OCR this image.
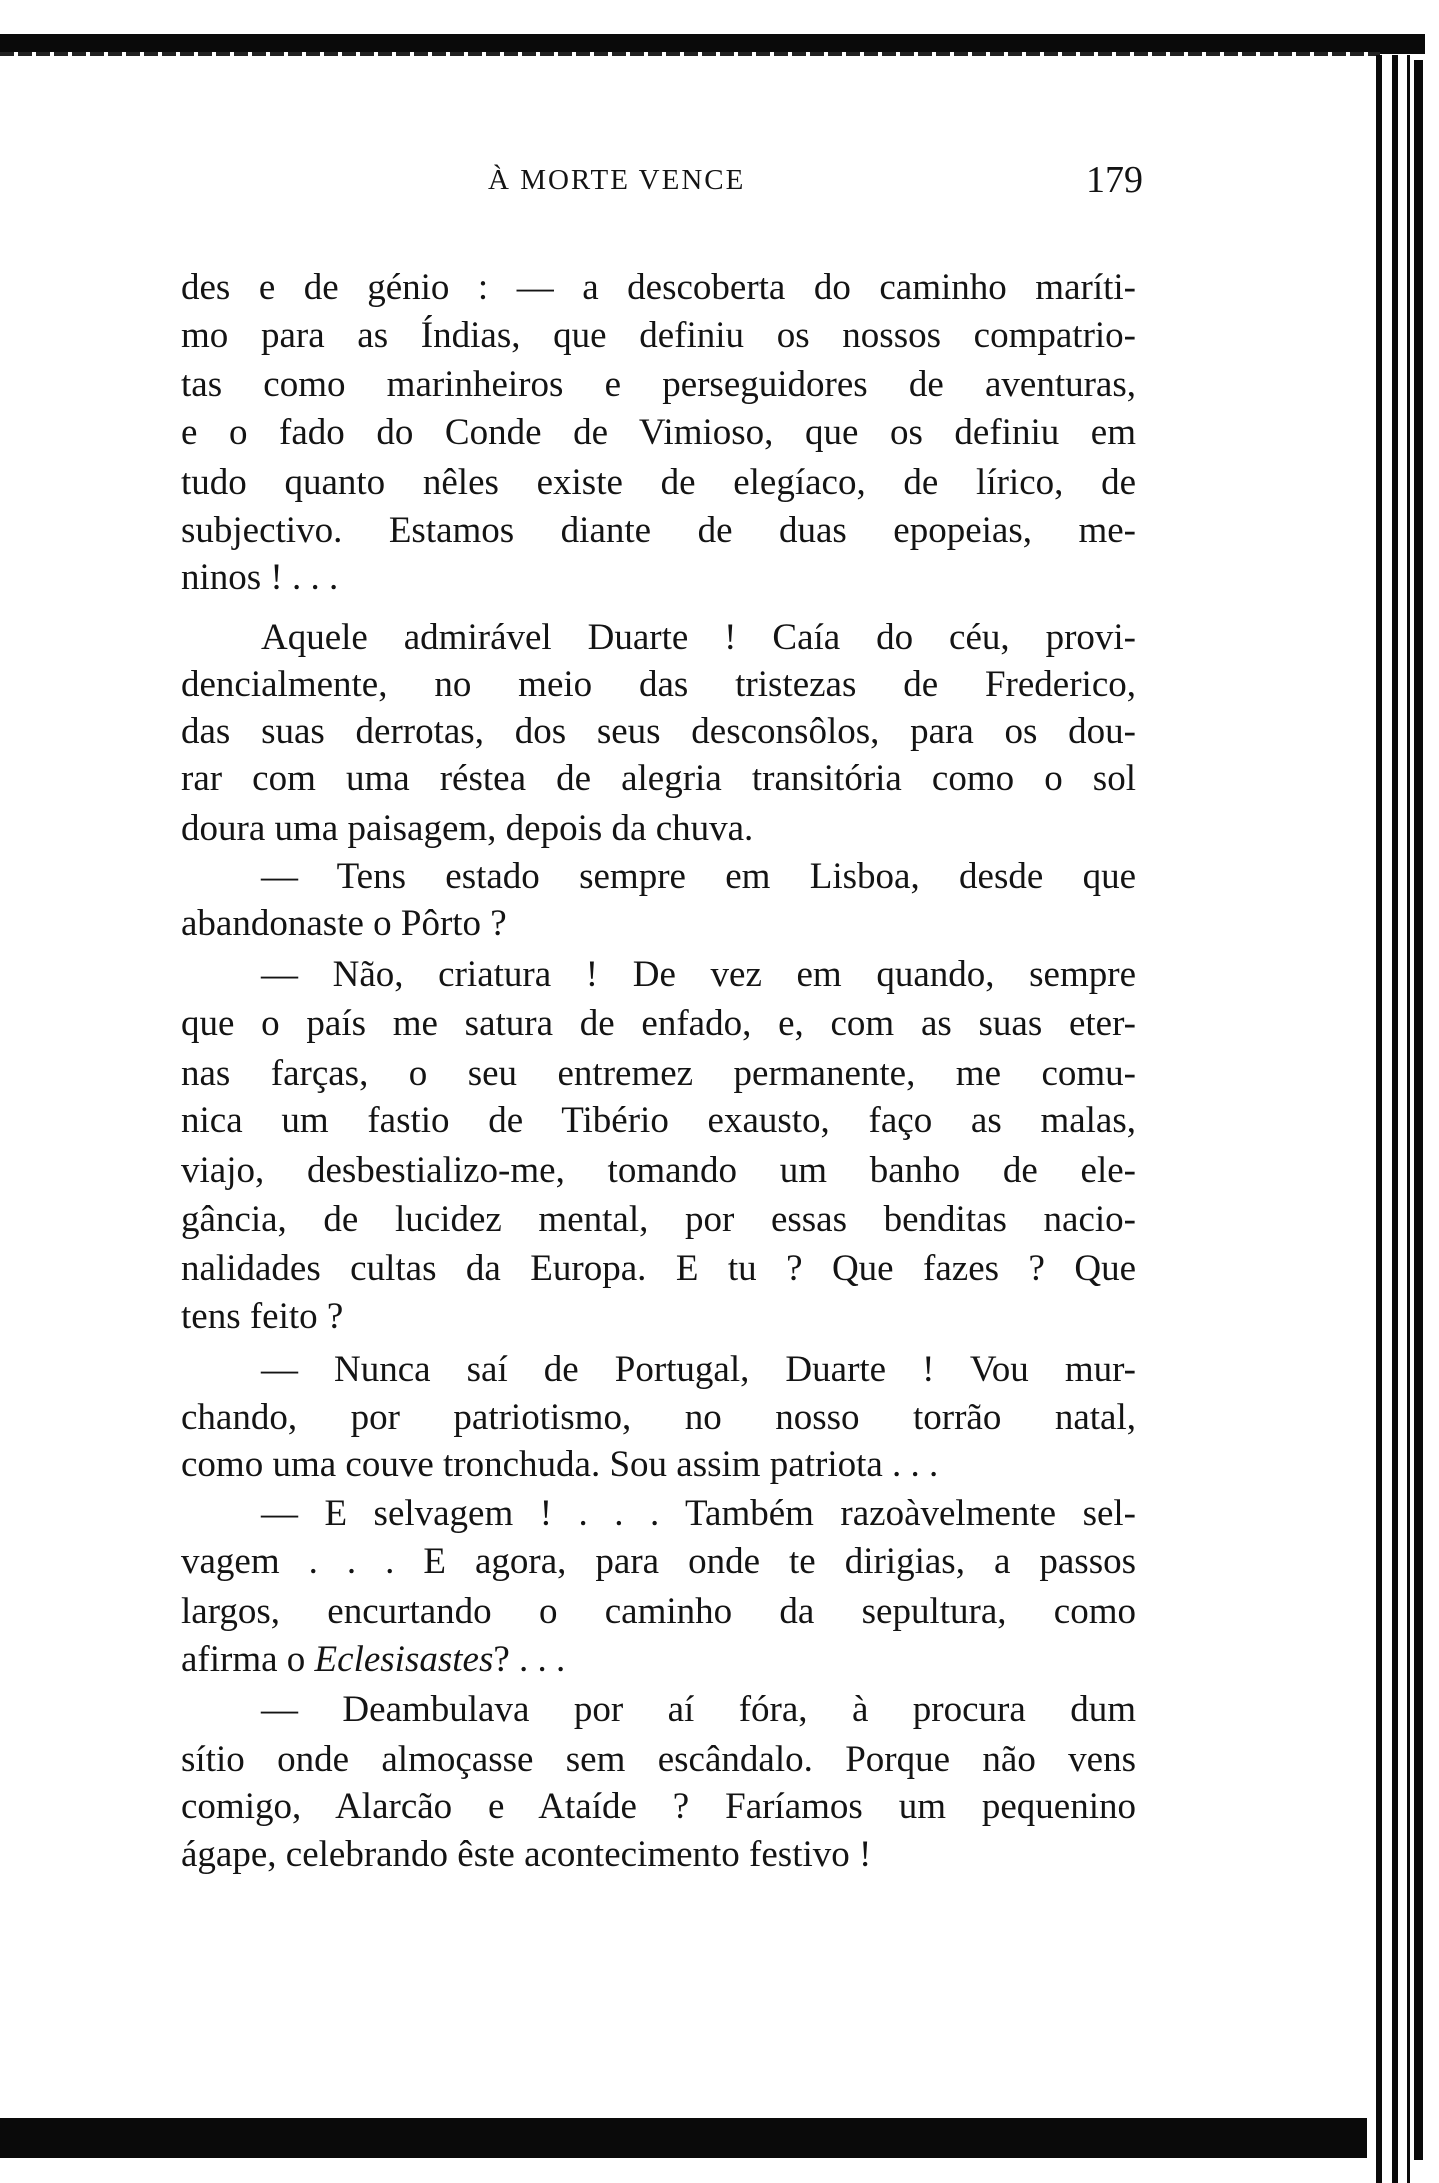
À MORTE VENCE	179
des e de génio : — a descoberta do caminho maríti-
mo para as Índias, que definiu os nossos compatrio-
tas como marinheiros e perseguidores de aventuras,
e o fado do Conde de Vimioso, que os definiu em
tudo quanto nêles existe de elegíaco, de lírico, de
subjectivo. Estamos diante de duas epopeias, me-
ninos ! . . .
Aquele admirável Duarte ! Caía do céu, provi-
dencialmente, no meio das tristezas de Frederico,
das suas derrotas, dos seus desconsôlos, para os dou-
rar com uma réstea de alegria transitória como o sol
doura uma paisagem, depois da chuva.
— Tens estado sempre em Lisboa, desde que
abandonaste o Pôrto ?
— Não, criatura ! De vez em quando, sempre
que o país me satura de enfado, e, com as suas eter-
nas farças, o seu entremez permanente, me comu-
nica um fastio de Tibério exausto, faço as malas,
viajo, desbestializo-me, tomando um banho de ele-
gância, de lucidez mental, por essas benditas nacio-
nalidades cultas da Europa. E tu ? Que fazes ? Que
tens feito ?
— Nunca saí de Portugal, Duarte ! Vou mur-
chando, por patriotismo, no nosso torrão natal,
como uma couve tronchuda. Sou assim patriota . . .
— E selvagem ! . . . Também razoàvelmente sel-
vagem . . . E agora, para onde te dirigias, a passos
largos, encurtando o caminho da sepultura, como
afirma o Eclesisastes? . . .
— Deambulava por aí fóra, à procura dum
sítio onde almoçasse sem escândalo. Porque não vens
comigo, Alarcão e Ataíde ? Faríamos um pequenino
ágape, celebrando êste acontecimento festivo !
